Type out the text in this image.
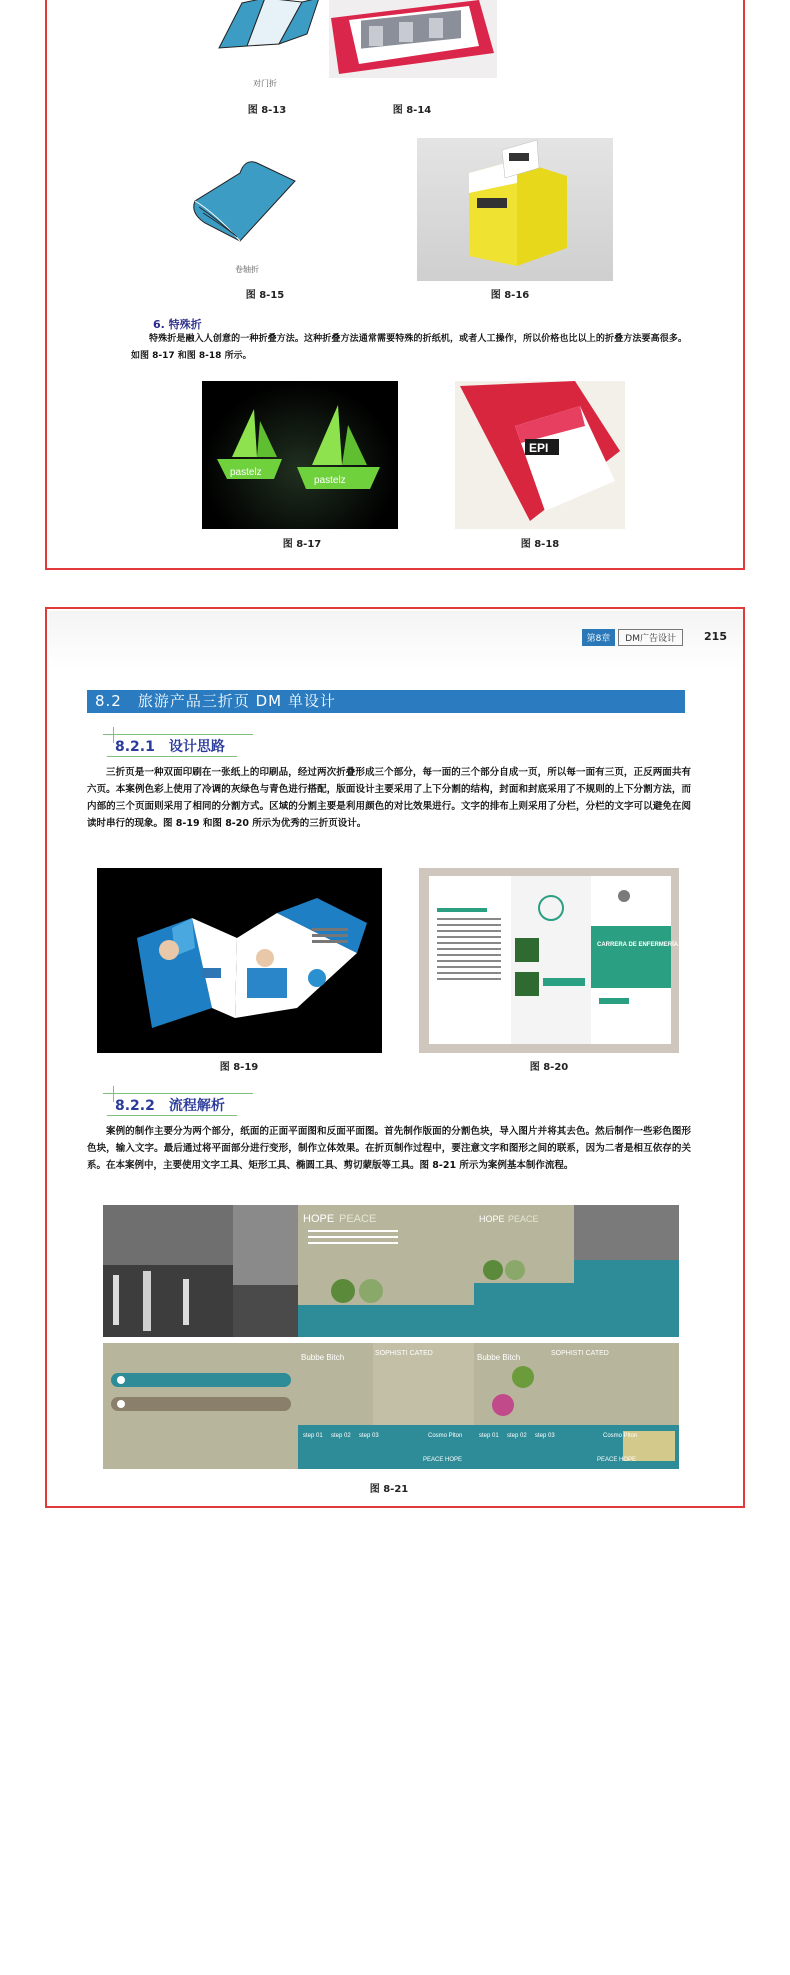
对门折
图 8-13	图 8-14
卷轴折
图 8-15	图 8-16
6. 特殊折

特殊折是融入人创意的一种折叠方法。这种折叠方法通常需要特殊的折纸机，或者人工操作，所以价格也比以上的折叠方法要高很多。如图 8-17 和图 8-18 所示。

pastelz
pastelz
图 8-17
EPI
图 8-18
第8章	DM广告设计	215
8.2　旅游产品三折页 DM 单设计
8.2.1　设计思路

三折页是一种双面印刷在一张纸上的印刷品，经过两次折叠形成三个部分，每一面的三个部分自成一页，所以每一面有三页，正反两面共有六页。本案例色彩上使用了冷调的灰绿色与青色进行搭配，版面设计主要采用了上下分割的结构，封面和封底采用了不规则的上下分割方法，而内部的三个页面则采用了相同的分割方式。区域的分割主要是利用颜色的对比效果进行。文字的排布上则采用了分栏，分栏的文字可以避免在阅读时串行的现象。图 8-19 和图 8-20 所示为优秀的三折页设计。

图 8-19
CARRERA DE ENFERMERÍA PROFESIONAL
图 8-20
8.2.2　流程解析

案例的制作主要分为两个部分，纸面的正面平面图和反面平面图。首先制作版面的分割色块，导入图片并将其去色。然后制作一些彩色图形色块，输入文字。最后通过将平面部分进行变形，制作立体效果。在折页制作过程中，要注意文字和图形之间的联系，因为二者是相互依存的关系。在本案例中，主要使用文字工具、矩形工具、椭圆工具、剪切蒙版等工具。图 8-21 所示为案例基本制作流程。

HOPE PEACE	HOPE PEACE
Bubbe Bitch	Bubbe Bitch
SOPHISTI CATED	SOPHISTI CATED
step 01 step 02 step 03	Cosmo Plton	step 01 step 02 step 03	Cosmo Plton
PEACE HOPE	PEACE HOPE
图 8-21
